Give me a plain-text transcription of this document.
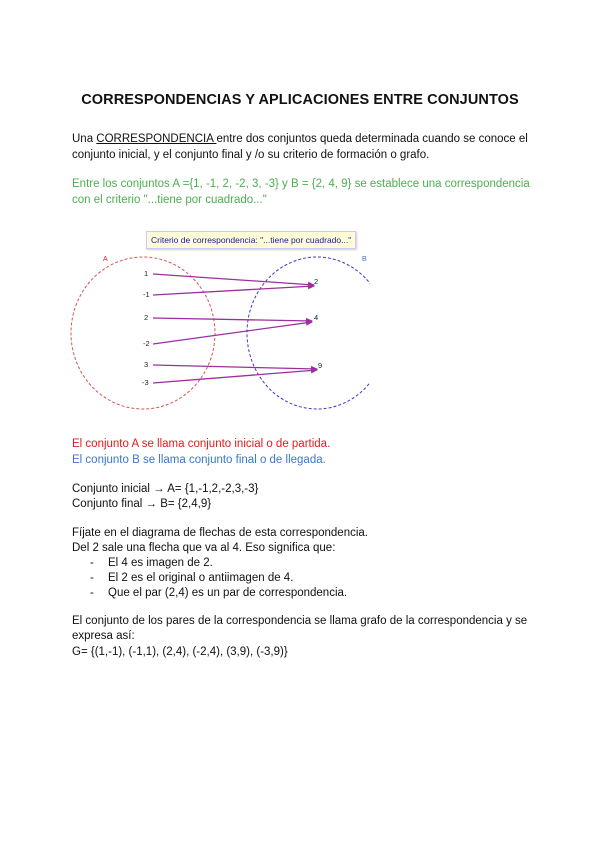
CORRESPONDENCIAS Y APLICACIONES ENTRE CONJUNTOS
Una CORRESPONDENCIA entre dos conjuntos queda determinada cuando se conoce el conjunto inicial, y el conjunto final y /o su criterio de formación o grafo.
Entre los conjuntos A ={1, -1, 2, -2, 3, -3} y B = {2, 4, 9} se establece una correspondencia con el criterio "...tiene por cuadrado..."
Criterio de correspondencia: "...tiene por cuadrado..."
A	B
1
-1
2
-2
3
-3
2
4
9
El conjunto A se llama conjunto inicial o de partida.
El conjunto B se llama conjunto final o de llegada.
Conjunto inicial → A= {1,-1,2,-2,3,-3}
Conjunto final → B= {2,4,9}
Fíjate en el diagrama de flechas de esta correspondencia.
Del 2 sale una flecha que va al 4. Eso significa que:
- El 4 es imagen de 2.
- El 2 es el original o antiimagen de 4.
- Que el par (2,4) es un par de correspondencia.
El conjunto de los pares de la correspondencia se llama grafo de la correspondencia y se expresa así:
G= {(1,-1), (-1,1), (2,4), (-2,4), (3,9), (-3,9)}
